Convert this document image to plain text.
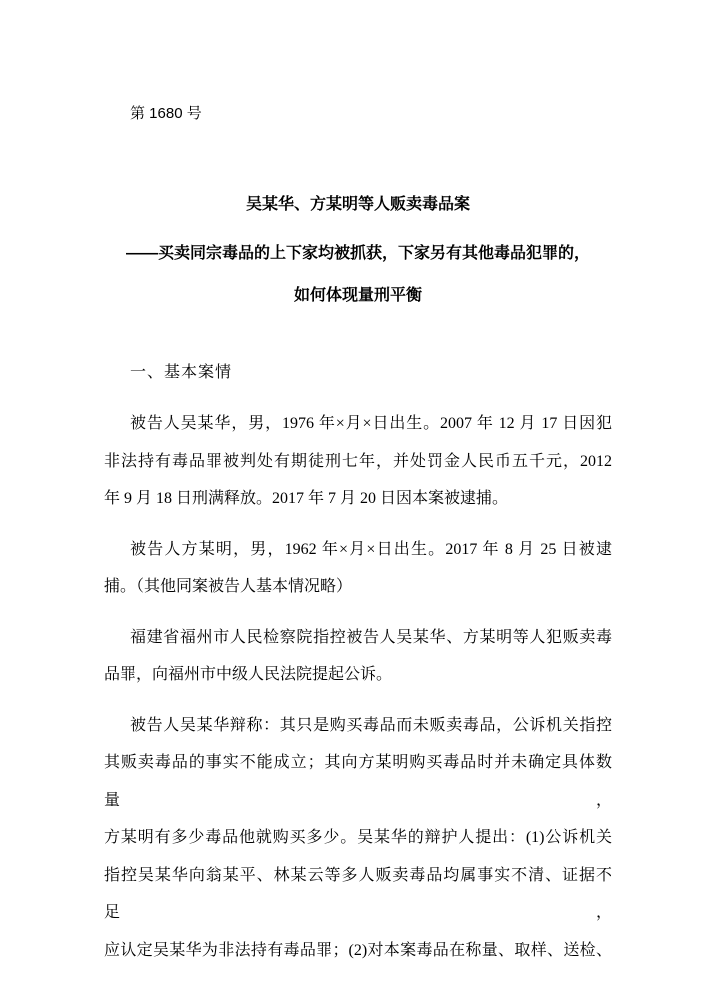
第 1680 号
吴某华、方某明等人贩卖毒品案
——买卖同宗毒品的上下家均被抓获，下家另有其他毒品犯罪的，
如何体现量刑平衡
一、基本案情
被告人吴某华，男，1976 年×月×日出生。2007 年 12 月 17 日因犯
非法持有毒品罪被判处有期徒刑七年，并处罚金人民币五千元，2012
年 9 月 18 日刑满释放。2017 年 7 月 20 日因本案被逮捕。
被告人方某明，男，1962 年×月×日出生。2017 年 8 月 25 日被逮
捕。（其他同案被告人基本情况略）
福建省福州市人民检察院指控被告人吴某华、方某明等人犯贩卖毒
品罪，向福州市中级人民法院提起公诉。
被告人吴某华辩称：其只是购买毒品而未贩卖毒品，公诉机关指控
其贩卖毒品的事实不能成立；其向方某明购买毒品时并未确定具体数量，
方某明有多少毒品他就购买多少。吴某华的辩护人提出：(1)公诉机关
指控吴某华向翁某平、林某云等多人贩卖毒品均属事实不清、证据不足，
应认定吴某华为非法持有毒品罪；(2)对本案毒品在称量、取样、送检、
